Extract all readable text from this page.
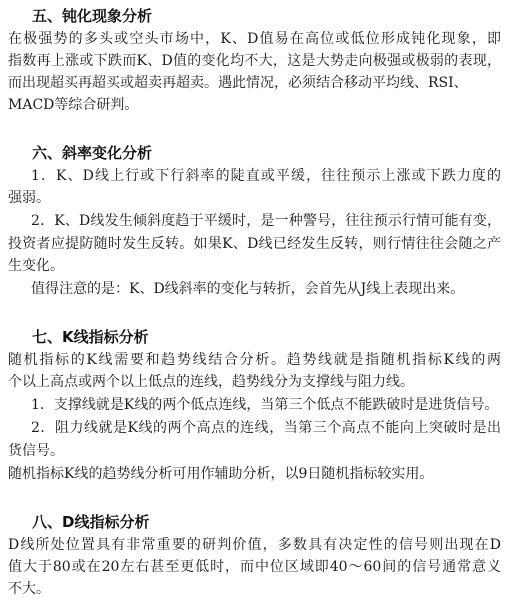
五、钝化现象分析
在极强势的多头或空头市场中，K、D值易在高位或低位形成钝化现象，即
指数再上涨或下跌而K、D值的变化均不大，这是大势走向极强或极弱的表现，
而出现超买再超买或超卖再超卖。遇此情况，必须结合移动平均线、RSI、
MACD等综合研判。
六、斜率变化分析
1．K、D线上行或下行斜率的陡直或平缓，往往预示上涨或下跌力度的
强弱。
2．K、D线发生倾斜度趋于平缓时，是一种警号，往往预示行情可能有变，
投资者应提防随时发生反转。如果K、D线已经发生反转，则行情往往会随之产
生变化。
值得注意的是：K、D线斜率的变化与转折，会首先从J线上表现出来。
七、K线指标分析
随机指标的K线需要和趋势线结合分析。趋势线就是指随机指标K线的两
个以上高点或两个以上低点的连线，趋势线分为支撑线与阻力线。
1．支撑线就是K线的两个低点连线，当第三个低点不能跌破时是进货信号。
2．阻力线就是K线的两个高点的连线，当第三个高点不能向上突破时是出
货信号。
随机指标K线的趋势线分析可用作辅助分析，以9日随机指标较实用。
八、D线指标分析
D线所处位置具有非常重要的研判价值，多数具有决定性的信号则出现在D
值大于80或在20左右甚至更低时，而中位区域即40～60间的信号通常意义
不大。
